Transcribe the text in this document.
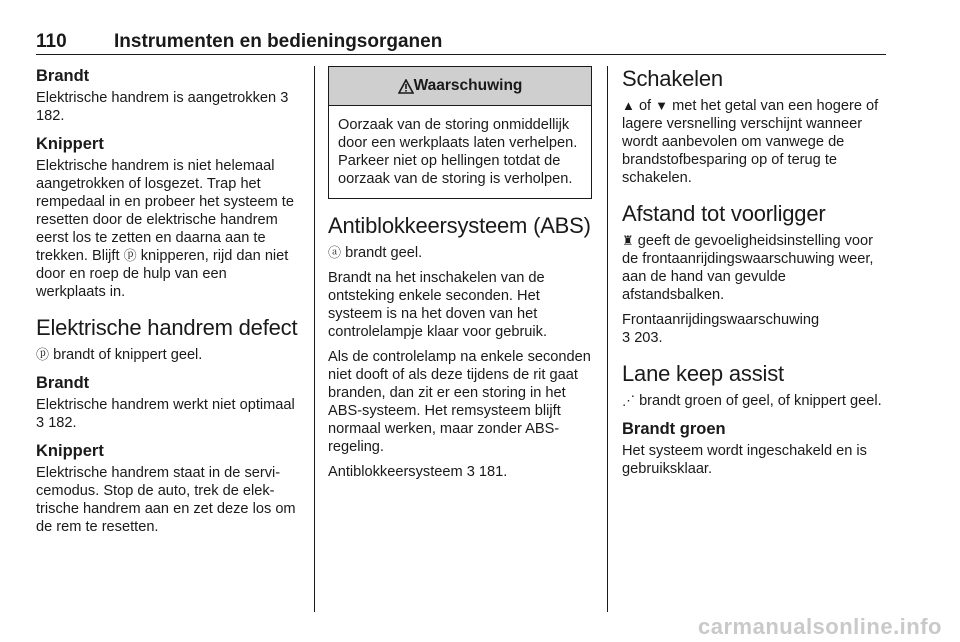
110 Instrumenten en bedieningsorganen
Brandt

Elektrische handrem is aangetrokken 3 182.

Knippert

Elektrische handrem is niet helemaal aangetrokken of losgezet. Trap het rempedaal in en probeer het systeem te resetten door de elektrische handrem eerst los te zetten en daarna aan te trekken. Blijft ⓟ knipperen, rijd dan niet door en roep de hulp van een werkplaats in.

Elektrische handrem defect

ⓟ brandt of knippert geel.

Brandt

Elektrische handrem werkt niet optimaal 3 182.

Knippert

Elektrische handrem staat in de servicemodus. Stop de auto, trek de elektrische handrem aan en zet deze los om de rem te resetten.

Waarschuwing

Oorzaak van de storing onmiddellijk door een werkplaats laten verhelpen. Parkeer niet op hellingen totdat de oorzaak van de storing is verholpen.

Antiblokkeersysteem (ABS)

ⓐ brandt geel.

Brandt na het inschakelen van de ontsteking enkele seconden. Het systeem is na het doven van het controlelampje klaar voor gebruik.

Als de controlelamp na enkele seconden niet dooft of als deze tijdens de rit gaat branden, dan zit er een storing in het ABS-systeem. Het remsysteem blijft normaal werken, maar zonder ABS-regeling.

Antiblokkeersysteem 3 181.

Schakelen

▲ of ▼ met het getal van een hogere of lagere versnelling verschijnt wanneer wordt aanbevolen om vanwege de brandstofbesparing op of terug te schakelen.

Afstand tot voorligger

♜ geeft de gevoeligheidsinstelling voor de frontaanrijdingswaarschuwing weer, aan de hand van gevulde afstandsbalken.

Frontaanrijdingswaarschuwing
3 203.

Lane keep assist

⋰ brandt groen of geel, of knippert geel.

Brandt groen

Het systeem wordt ingeschakeld en is gebruiksklaar.

carmanualsonline.info
